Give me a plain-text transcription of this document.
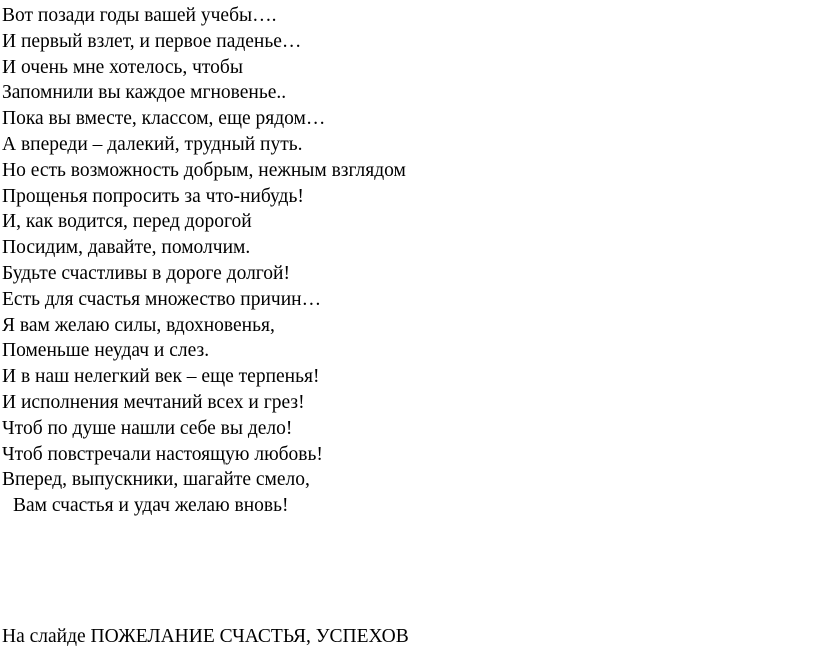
Вот позади годы вашей учебы….
И первый взлет, и первое паденье…
И очень мне хотелось, чтобы
Запомнили вы каждое мгновенье..
Пока вы вместе, классом, еще рядом…
А впереди – далекий, трудный путь.
Но есть возможность добрым, нежным взглядом
Прощенья попросить за что-нибудь!
И, как водится, перед дорогой
Посидим, давайте, помолчим.
Будьте счастливы в дороге долгой!
Есть для счастья множество причин…
Я вам желаю силы, вдохновенья,
Поменьше неудач и слез.
И в наш нелегкий век – еще терпенья!
И исполнения мечтаний всех и грез!
Чтоб по душе нашли себе вы дело!
Чтоб повстречали настоящую любовь!
Вперед, выпускники, шагайте смело,
Вам счастья и удач желаю вновь!

На слайде ПОЖЕЛАНИЕ СЧАСТЬЯ, УСПЕХОВ
